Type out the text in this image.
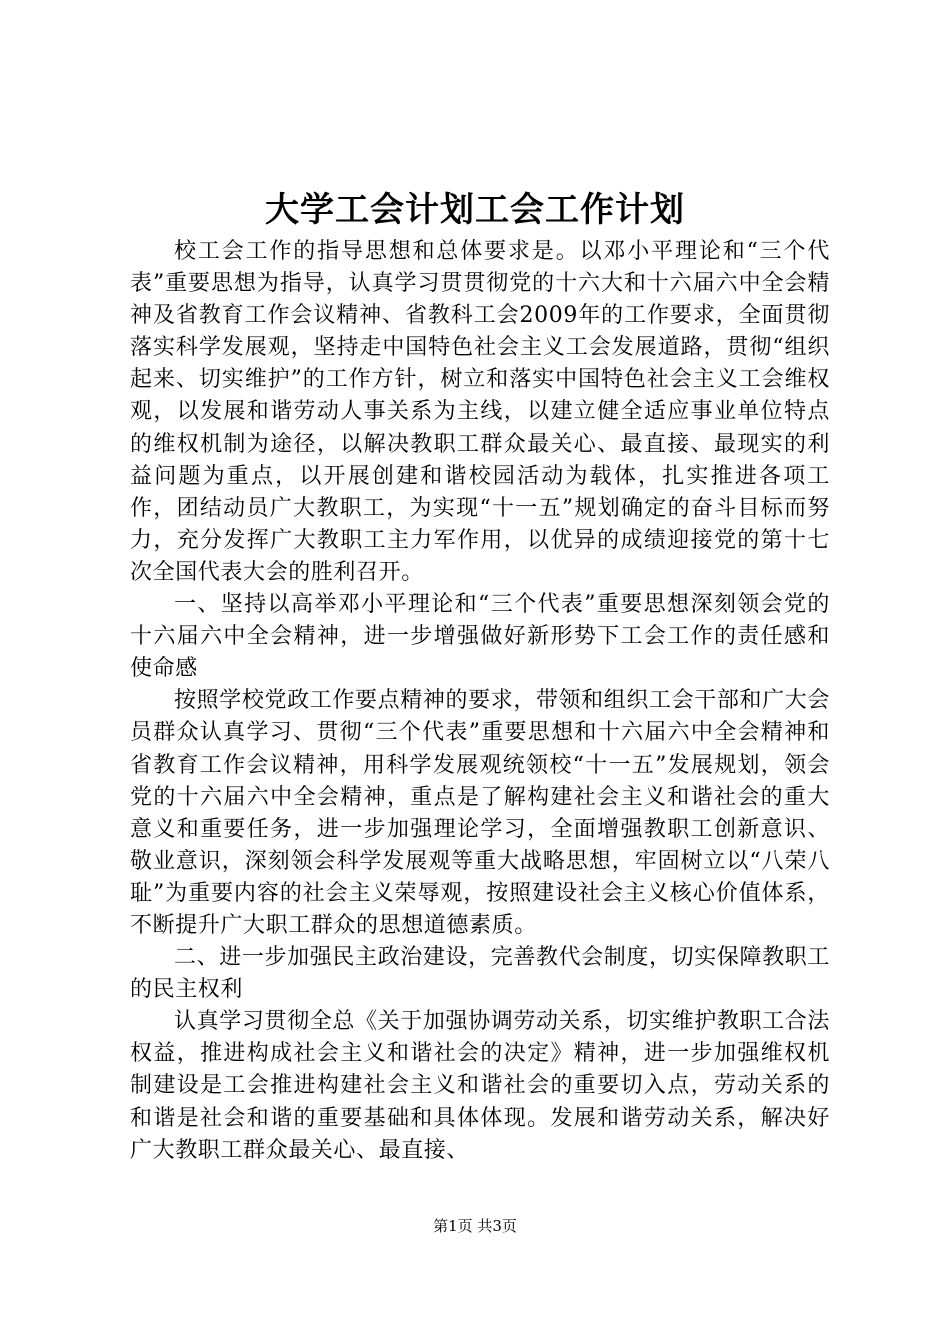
大学工会计划工会工作计划

校工会工作的指导思想和总体要求是。以邓小平理论和“三个代表”重要思想为指导，认真学习贯贯彻党的十六大和十六届六中全会精神及省教育工作会议精神、省教科工会2009年的工作要求，全面贯彻落实科学发展观，坚持走中国特色社会主义工会发展道路，贯彻“组织起来、切实维护”的工作方针，树立和落实中国特色社会主义工会维权观，以发展和谐劳动人事关系为主线，以建立健全适应事业单位特点的维权机制为途径，以解决教职工群众最关心、最直接、最现实的利益问题为重点，以开展创建和谐校园活动为载体，扎实推进各项工作，团结动员广大教职工，为实现“十一五”规划确定的奋斗目标而努力，充分发挥广大教职工主力军作用，以优异的成绩迎接党的第十七次全国代表大会的胜利召开。

一、坚持以高举邓小平理论和“三个代表”重要思想深刻领会党的十六届六中全会精神，进一步增强做好新形势下工会工作的责任感和使命感

按照学校党政工作要点精神的要求，带领和组织工会干部和广大会员群众认真学习、贯彻“三个代表”重要思想和十六届六中全会精神和省教育工作会议精神，用科学发展观统领校“十一五”发展规划，领会党的十六届六中全会精神，重点是了解构建社会主义和谐社会的重大意义和重要任务，进一步加强理论学习，全面增强教职工创新意识、敬业意识，深刻领会科学发展观等重大战略思想，牢固树立以“八荣八耻”为重要内容的社会主义荣辱观，按照建设社会主义核心价值体系，不断提升广大职工群众的思想道德素质。

二、进一步加强民主政治建设，完善教代会制度，切实保障教职工的民主权利

认真学习贯彻全总《关于加强协调劳动关系，切实维护教职工合法权益，推进构成社会主义和谐社会的决定》精神，进一步加强维权机制建设是工会推进构建社会主义和谐社会的重要切入点，劳动关系的和谐是社会和谐的重要基础和具体体现。发展和谐劳动关系，解决好广大教职工群众最关心、最直接、

第1页 共3页
